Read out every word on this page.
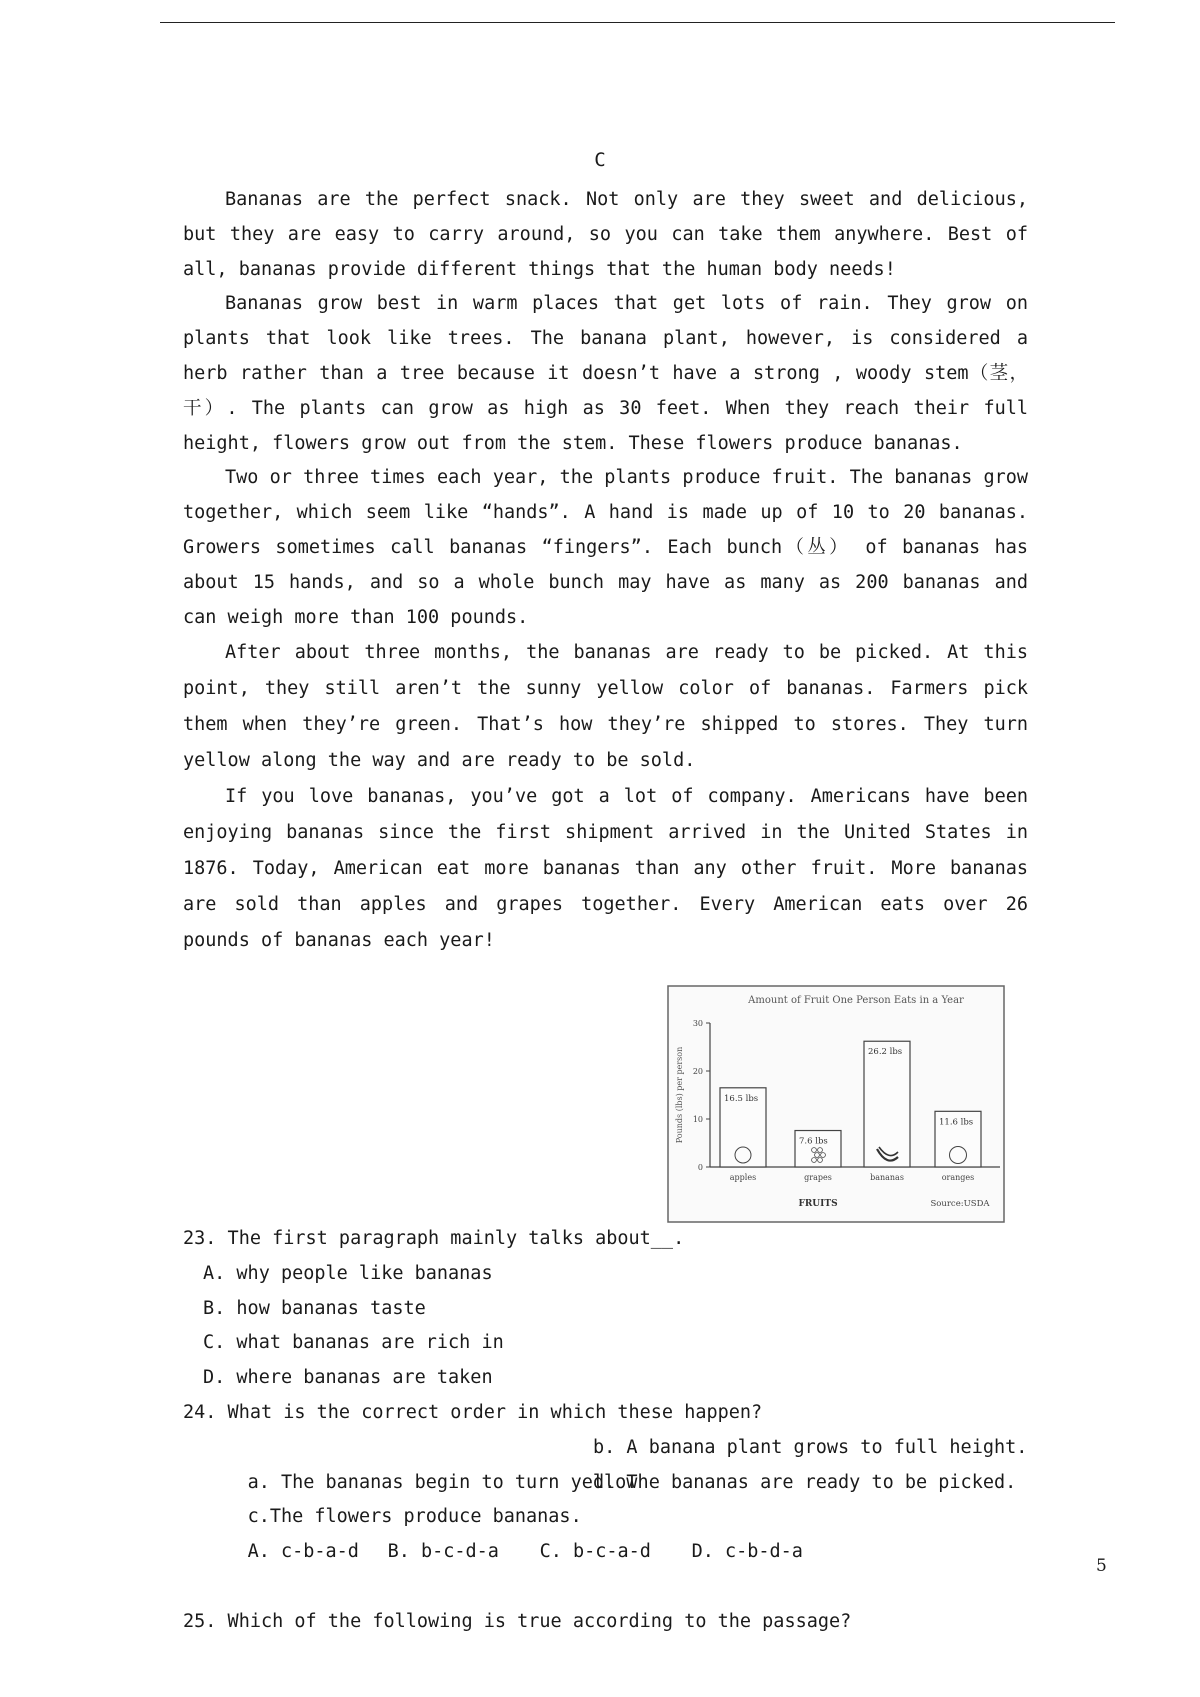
C

Bananas are the perfect snack. Not only are they sweet and delicious, but they are easy to carry around, so you can take them anywhere. Best of all, bananas provide different things that the human body needs!

Bananas grow best in warm places that get lots of rain. They grow on plants that look like trees. The banana plant, however, is considered a herb rather than a tree because it doesn’t have a strong , woody stem（茎，干）. The plants can grow as high as 30 feet. When they reach their full height, flowers grow out from the stem. These flowers produce bananas.

Two or three times each year, the plants produce fruit. The bananas grow together, which seem like “hands”. A hand is made up of 10 to 20 bananas. Growers sometimes call bananas “fingers”. Each bunch（丛） of bananas has about 15 hands, and so a whole bunch may have as many as 200 bananas and can weigh more than 100 pounds.

After about three months, the bananas are ready to be picked. At this point, they still aren’t the sunny yellow color of bananas. Farmers pick them when they’re green. That’s how they’re shipped to stores. They turn yellow along the way and are ready to be sold.

If you love bananas, you’ve got a lot of company. Americans have been enjoying bananas since the first shipment arrived in the United States in 1876. Today, American eat more bananas than any other fruit. More bananas are sold than apples and grapes together. Every American eats over 26 pounds of bananas each year!

Amount of Fruit One Person Eats in a Year
0
10
20
30
Pounds (lbs) per person	16.5 lbs
apples
7.6 lbs
grapes
26.2 lbs
bananas
11.6 lbs
oranges
FRUITS	Source:USDA
23. The first paragraph mainly talks about__.
A. why people like bananas
B. how bananas taste
C. what bananas are rich in
D. where bananas are taken
24. What is the correct order in which these happen?

a. The bananas begin to turn yellow

b. A banana plant grows to full height.

c.The flowers produce bananas.

d. The bananas are ready to be picked.

A. c-b-a-d B. b-c-d-a C. b-c-a-d D. c-b-d-a

25. Which of the following is true according to the passage?
5
